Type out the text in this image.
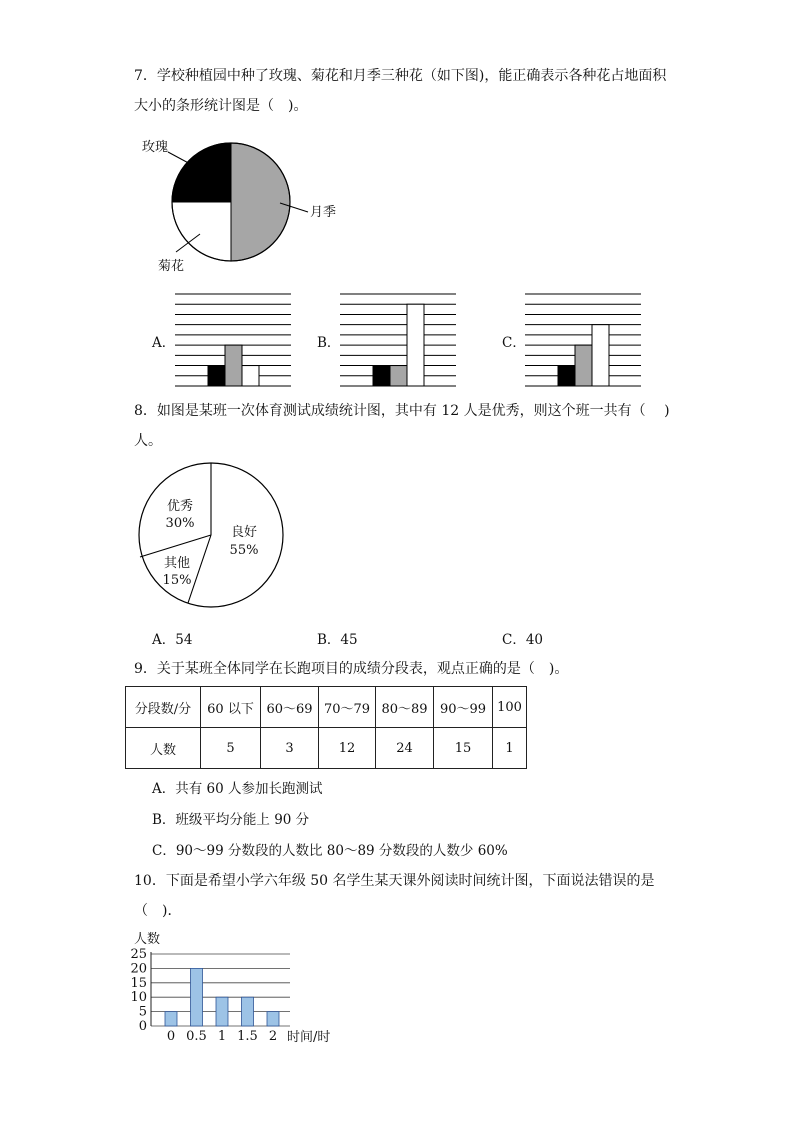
7．学校种植园中种了玫瑰、菊花和月季三种花（如下图)，能正确表示各种花占地面积
大小的条形统计图是（　)。
玫瑰
月季
菊花
A．	B．	C．
8．如图是某班一次体育测试成绩统计图，其中有 12 人是优秀，则这个班一共有（　 )
人。
良好
55%
优秀
30%
其他
15%
A．54	B．45	C．40
9．关于某班全体同学在长跑项目的成绩分段表，观点正确的是（　)。
分段数/分	60 以下	60～69	70～79	80～89	90～99	100
人数	5	3	12	24	15	1
A．共有 60 人参加长跑测试
B．班级平均分能上 90 分
C．90～99 分数段的人数比 80～89 分数段的人数少 60%
10．下面是希望小学六年级 50 名学生某天课外阅读时间统计图，下面说法错误的是
（　)．
0
5
10
15
20
25
人数
0 0.5 1 1.5 2 时间/时
